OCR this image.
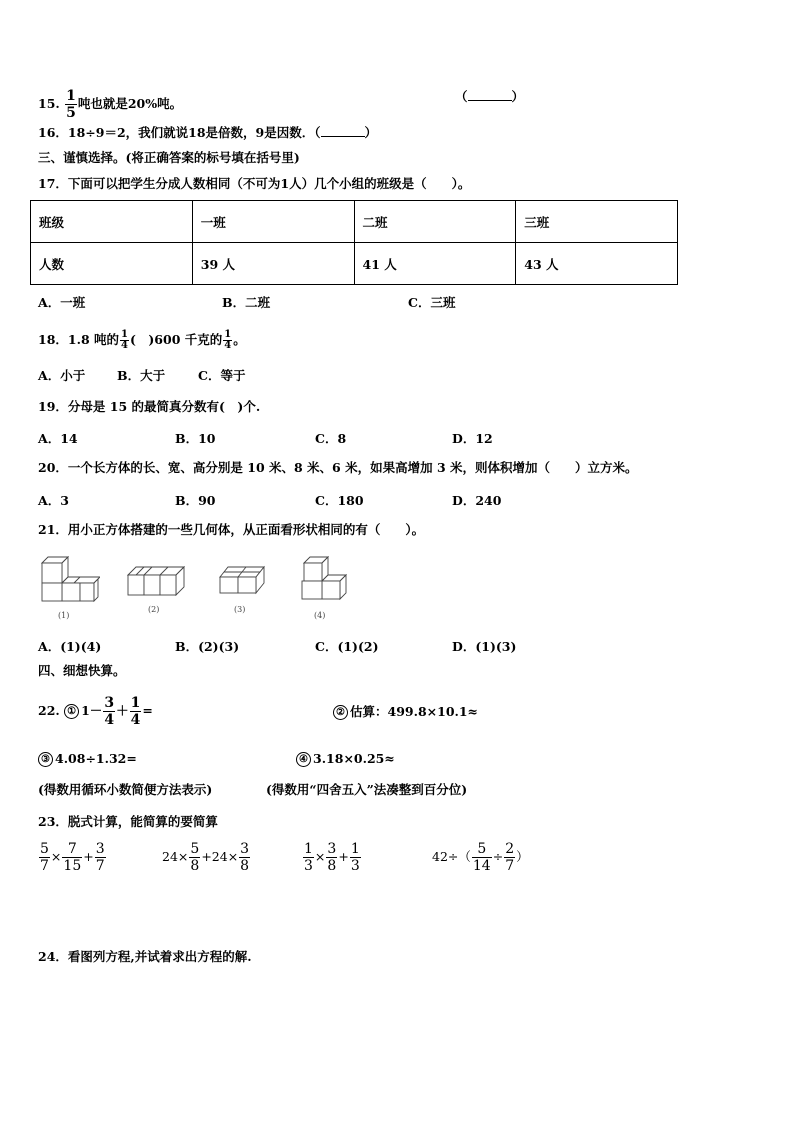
15. $\frac{1}{5}$ 吨也就是20%吨。	（	）
16．18÷9＝2，我们就说18是倍数，9是因数．（	）
三、谨慎选择。(将正确答案的标号填在括号里)
17．下面可以把学生分成人数相同（不可为1人）几个小组的班级是（　　）。
班级	一班	二班	三班
人数	39 人	41 人	43 人
A．一班	B．二班	C．三班
18．1.8 吨的 $\frac{1}{4}$ (　)600 千克的 $\frac{1}{4}$ 。
A．小于	B．大于	C．等于
19．分母是 15 的最简真分数有(　)个.
A．14	B．10	C．8	D．12
20．一个长方体的长、宽、高分别是 10 米、8 米、6 米，如果高增加 3 米，则体积增加（　　）立方米。
A．3	B．90	C．180	D．240
21．用小正方体搭建的一些几何体，从正面看形状相同的有（　　）。
(1)
(2)	(3)
(4)
A．(1)(4)	B．(2)(3)	C．(1)(2)	D．(1)(3)
四、细想快算。
22. ① $1- \frac{3}{4} + \frac{1}{4}$ =	② 估算：499.8×10.1≈
③ 4.08÷1.32=	④ 3.18×0.25≈
(得数用循环小数简便方法表示)	(得数用“四舍五入”法凑整到百分位)
23．脱式计算，能简算的要简算
$\frac{5}{7} \times \frac{7}{15} + \frac{3}{7}$	$24\times \frac{5}{8} +24\times \frac{3}{8}$	$\frac{1}{3} \times \frac{3}{8} + \frac{1}{3}$	$42\div( \frac{5}{14} \div \frac{2}{7}$ ）
24．看图列方程,并试着求出方程的解.
